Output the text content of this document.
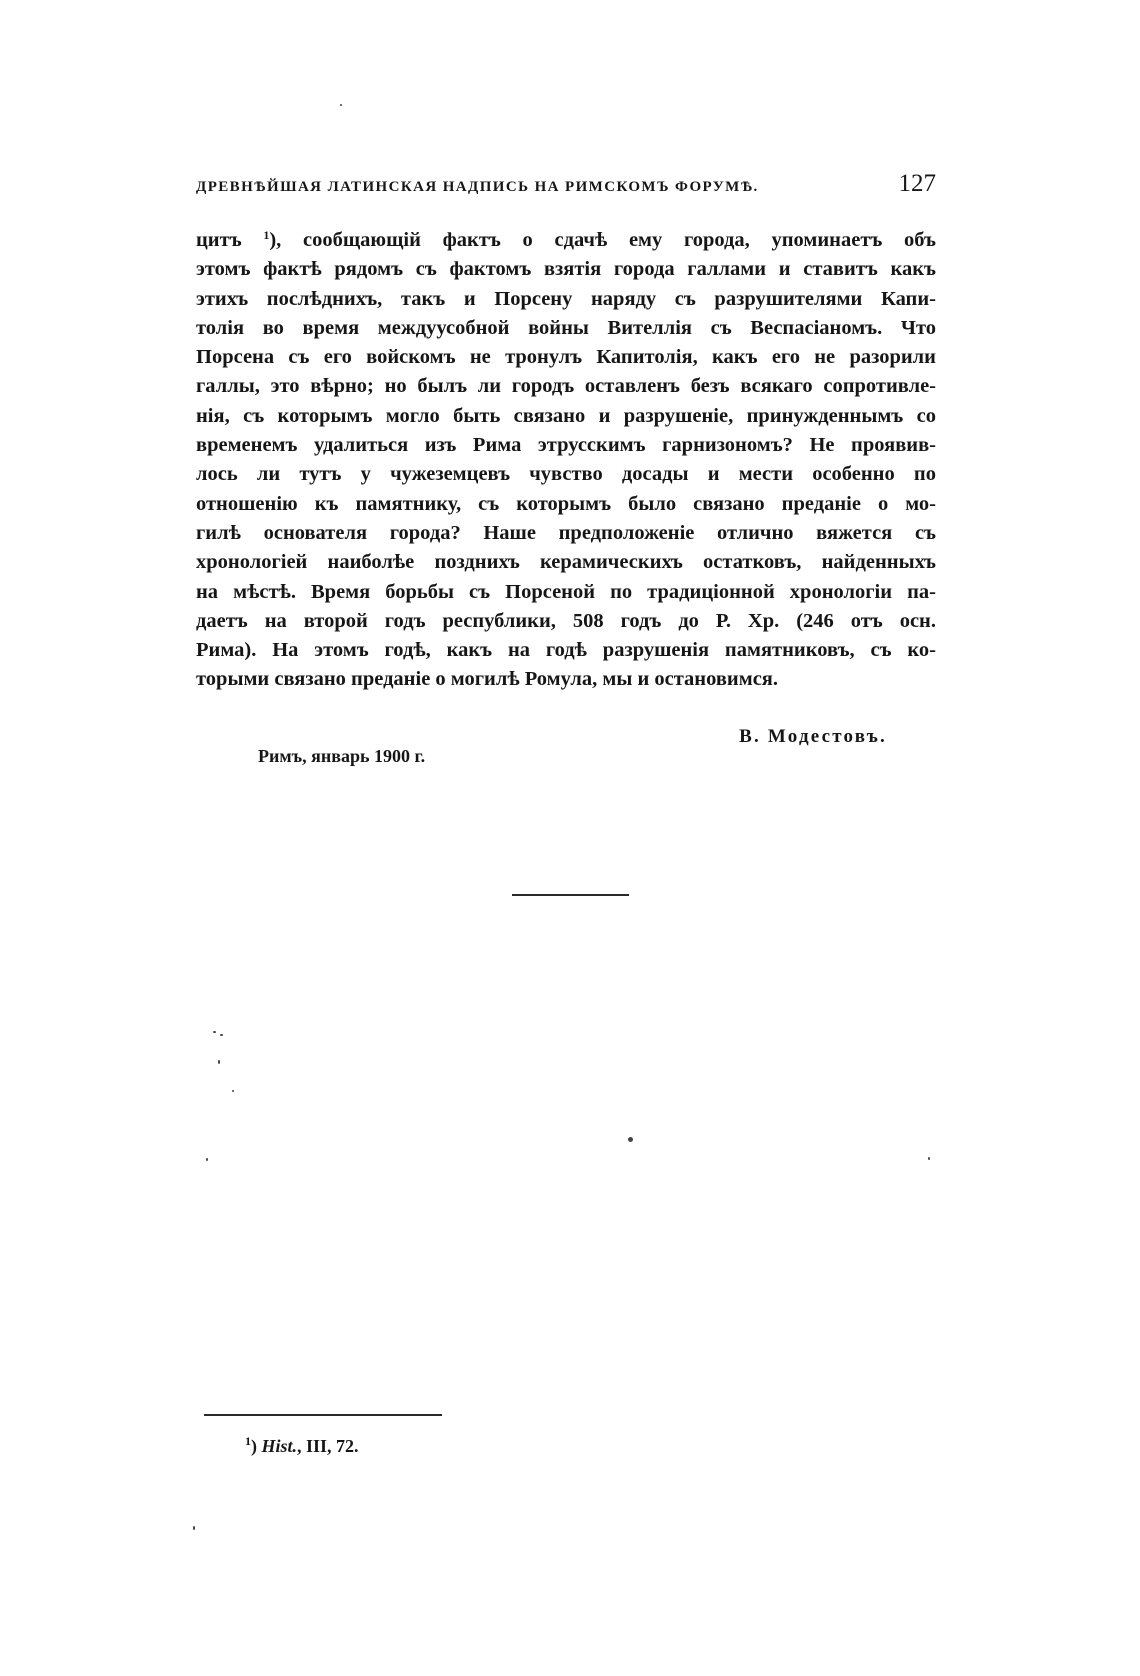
ДРЕВНѢЙШАЯ ЛАТИНСКАЯ НАДПИСЬ НА РИМСКОМЪ ФОРУМѢ.	127
цитъ $^1$), сообщающій фактъ о сдачѣ ему города, упоминаетъ объ
этомъ фактѣ рядомъ съ фактомъ взятія города галлами и ставитъ какъ
этихъ послѣднихъ, такъ и Порсену наряду съ разрушителями Капи-
толія во время междуусобной войны Вителлія съ Веспасіаномъ. Что
Порсена съ его войскомъ не тронулъ Капитолія, какъ его не разорили
галлы, это вѣрно; но былъ ли городъ оставленъ безъ всякаго сопротивле-
нія, съ которымъ могло быть связано и разрушеніе, принужденнымъ со
временемъ удалиться изъ Рима этрусскимъ гарнизономъ? Не проявив-
лось ли тутъ у чужеземцевъ чувство досады и мести особенно по
отношенію къ памятнику, съ которымъ было связано преданіе о мо-
гилѣ основателя города? Наше предположеніе отлично вяжется съ
хронологіей наиболѣе позднихъ керамическихъ остатковъ, найденныхъ
на мѣстѣ. Время борьбы съ Порсеной по традиціонной хронологіи па-
даетъ на второй годъ республики, 508 годъ до Р. Хр. (246 отъ осн.
Рима). На этомъ годѣ, какъ на годѣ разрушенія памятниковъ, съ ко-
торыми связано преданіе о могилѣ Ромула, мы и остановимся.
В. Модестовъ.
Римъ, январь 1900 г.
$^1$) Hist., III, 72.
